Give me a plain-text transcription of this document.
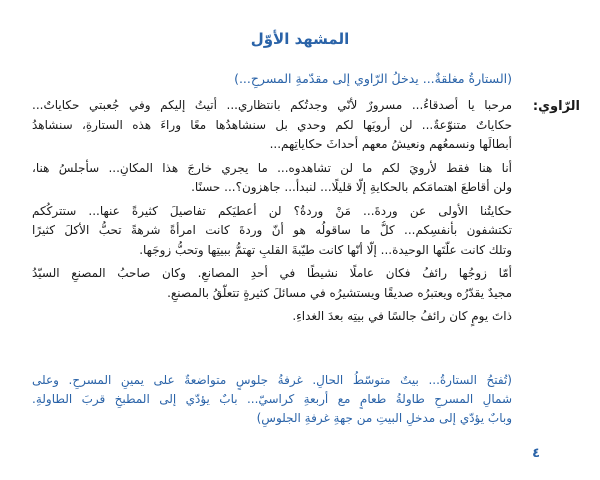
المشهد الأوّل
(الستارةُ مغلقةٌ... يدخلُ الرّاوي إلى مقدّمةِ المسرحِ...)
الرّاوي:
مرحبا يا أصدقاءُ... مسرورٌ لأنّي وجدتُكم بانتظاري... أتيتُ إليكم وفي جُعبتي حكاياتٌ...
حكاياتٌ متنوّعةٌ... لن أرويَها لكم وحدي بل سنشاهدُها معًا وراءَ هذه الستارةِ، سنشاهدُ
أبطالَها ونسمعُهم ونعيشُ معهم أحداثَ حكاياتِهم...
أنا هنا فقط لأرويَ لكم ما لن تشاهدوه... ما يجري خارجَ هذا المكانِ... سأجلسُ هنا،
ولن أقاطعَ اهتمامَكم بالحكايةِ إلّا قليلًا... لنبدأْ... جاهزون؟... حسنًا.
حكايتُنا الأولى عن وردةَ... مَنْ وردةُ؟ لن أعطيَكم تفاصيلَ كثيرةً عنها... ستتركُكم
تكتشفون بأنفسِكم... كلُّ ما ساقولُه هو أنّ وردةَ كانت امرأةً شرهةً تحبُّ الأكلَ كثيرًا
وتلك كانت علّتَها الوحيدة... إلّا أنّها كانت طيّبةَ القلبِ تهتمُّ ببيتِها وتحبُّ زوجَها.
أمّا زوجُها رائفُ فكان عاملًا نشيطًا في أحدِ المصانعِ. وكان صاحبُ المصنعِ السيّدُ
مجيدٌ يقدّرُه ويعتبرُه صديقًا ويستشيرُه في مسائلَ كثيرةٍ تتعلّقُ بالمصنعِ.
ذاتَ يومٍ كان رائفُ جالسًا في بيتِه بعدَ الغداءِ.
(تُفتحُ الستارةُ... بيتٌ متوسّطُ الحالِ. غرفةُ جلوسٍ متواضعةٌ على يمينِ المسرحِ. وعلى
شمالِ المسرحِ طاولةُ طعامٍ مع أربعةِ كراسيّ... بابٌ يؤدّي إلى المطبخِ قربَ الطاولةِ.
وبابٌ يؤدّي إلى مدخلِ البيتِ من جهةِ غرفةِ الجلوسِ)
٤
